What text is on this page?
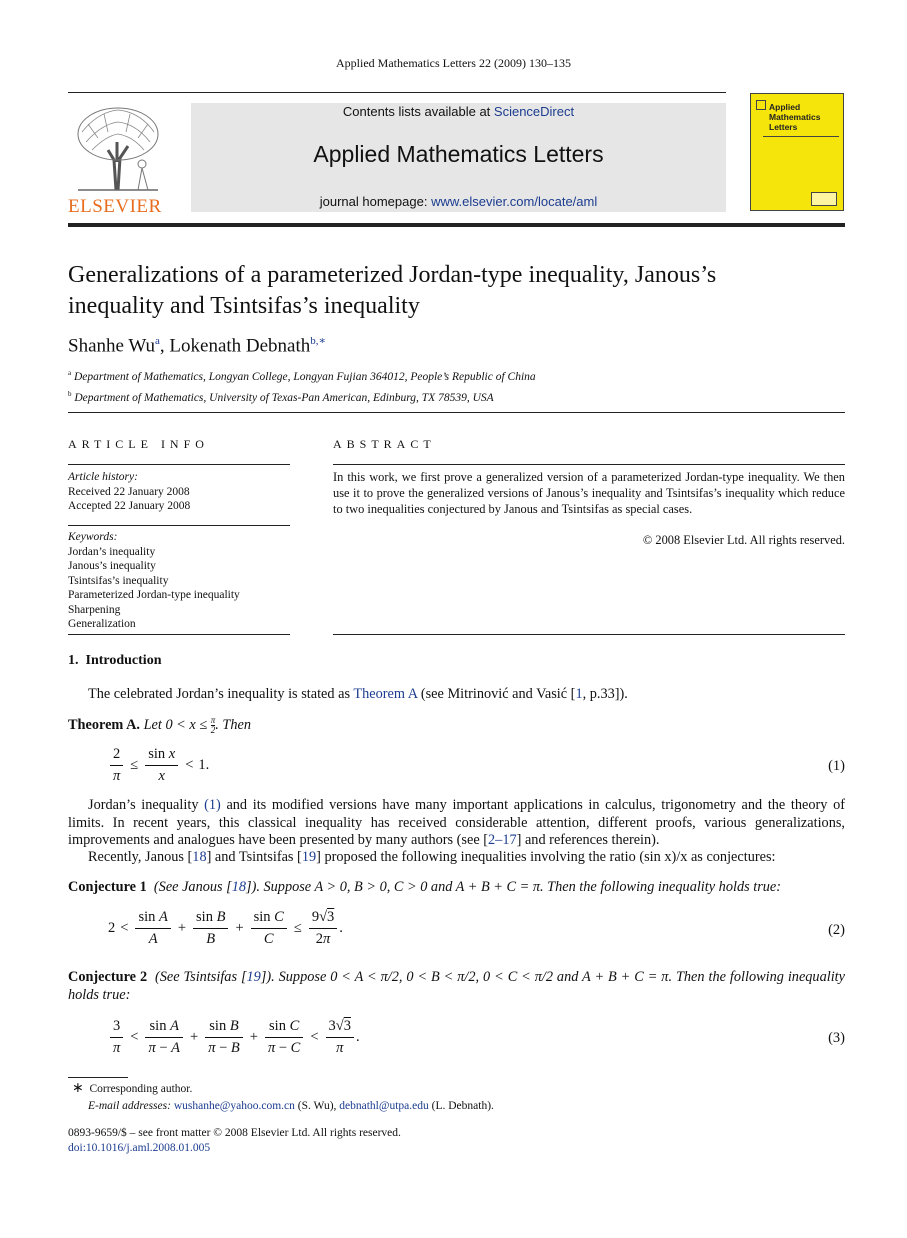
Applied Mathematics Letters 22 (2009) 130–135
ELSEVIER
Contents lists available at ScienceDirect
Applied Mathematics Letters
journal homepage: www.elsevier.com/locate/aml
Applied
Mathematics
Letters
Generalizations of a parameterized Jordan-type inequality, Janous’s
inequality and Tsintsifas’s inequality
Shanhe Wu$^a$, Lokenath Debnath$^{b,∗}$
$^a$ Department of Mathematics, Longyan College, Longyan Fujian 364012, People’s Republic of China
$^b$ Department of Mathematics, University of Texas-Pan American, Edinburg, TX 78539, USA
ARTICLE INFO
Article history:
Received 22 January 2008
Accepted 22 January 2008
Keywords:
Jordan’s inequality
Janous’s inequality
Tsintsifas’s inequality
Parameterized Jordan-type inequality
Sharpening
Generalization
ABSTRACT
In this work, we first prove a generalized version of a parameterized Jordan-type inequality. We then use it to prove the generalized versions of Janous’s inequality and Tsintsifas’s inequality which reduce to two inequalities conjectured by Janous and Tsintsifas as special cases.
© 2008 Elsevier Ltd. All rights reserved.
1.  Introduction
The celebrated Jordan’s inequality is stated as Theorem A (see Mitrinović and Vasić [1, p.33]).
Theorem A. Let $0 < x \le \frac{\pi}{2}$ . Then
$\frac{2}{\pi} \le \frac{\text{sin x}}{x} < 1$.	(1)
Jordan’s inequality (1) and its modified versions have many important applications in calculus, trigonometry and the theory of limits. In recent years, this classical inequality has received considerable attention, different proofs, various generalizations, improvements and analogues have been presented by many authors (see [2–17] and references therein).
Recently, Janous [18] and Tsintsifas [19] proposed the following inequalities involving the ratio (sin x)/x as conjectures:
Conjecture 1 (See Janous [18]). Suppose A > 0, B > 0, C > 0 and A + B + C = π. Then the following inequality holds true:
$2 < \frac{\text{sin A}}{A} + \frac{\text{sin B}}{B} + \frac{\text{sin C}}{C} \le \frac{9√3}{2\pi}$ .	(2)
Conjecture 2 (See Tsintsifas [19]). Suppose 0 < A < π/2, 0 < B < π/2, 0 < C < π/2 and A + B + C = π. Then the following inequality holds true:
$\frac{3}{\pi} < \frac{\text{sin A}}{\pi - A} + \frac{\text{sin B}}{\pi - B} + \frac{\text{sin C}}{\pi - C} < \frac{3√3}{\pi}$ .	(3)
∗ Corresponding author.
E-mail addresses: wushanhe@yahoo.com.cn (S. Wu), debnathl@utpa.edu (L. Debnath).
0893-9659/$ – see front matter © 2008 Elsevier Ltd. All rights reserved.
doi:10.1016/j.aml.2008.01.005
